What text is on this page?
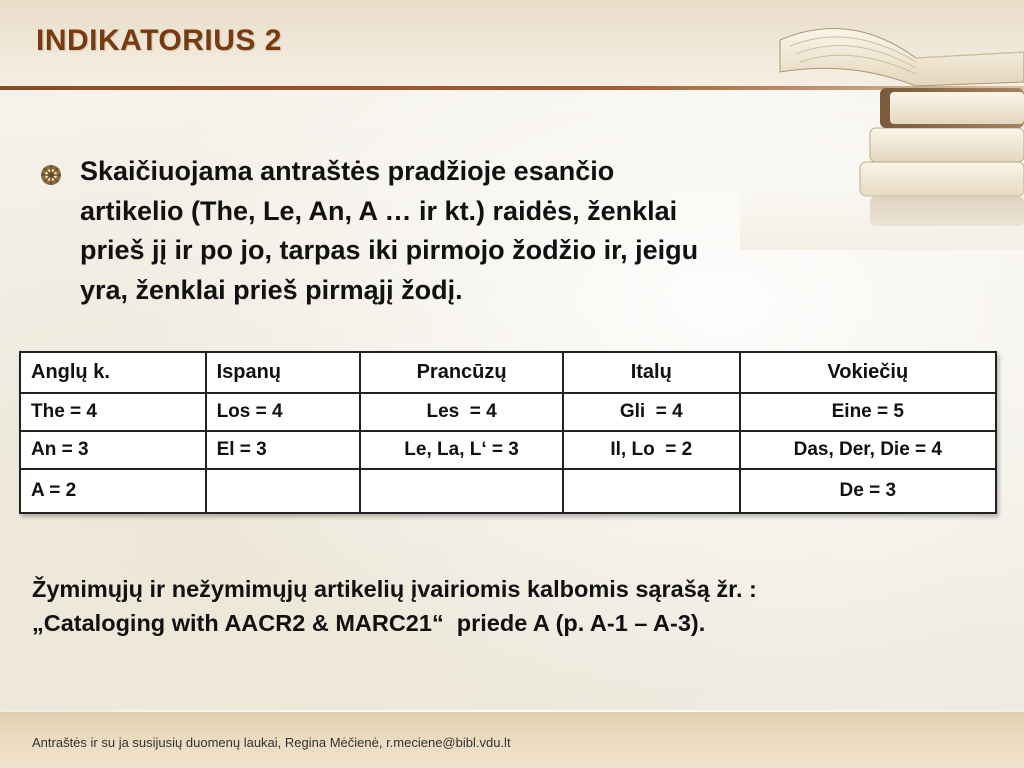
INDIKATORIUS 2
Skaičiuojama antraštės pradžioje esančio
artikelio (The, Le, An, A … ir kt.) raidės, ženklai
prieš jį ir po jo, tarpas iki pirmojo žodžio ir, jeigu
yra, ženklai prieš pirmąjį žodį.
Anglų k.	Ispanų	Prancūzų	Italų	Vokiečių
The = 4	Los = 4	Les  = 4	Gli  = 4	Eine = 5
An = 3	El = 3	Le, La, L‘ = 3	Il, Lo  = 2	Das, Der, Die = 4
A = 2				De = 3
Žymimųjų ir nežymimųjų artikelių įvairiomis kalbomis sąrašą žr. :
„Cataloging with AACR2 & MARC21“  priede A (p. A-1 – A-3).
Antraštės ir su ja susijusių duomenų laukai, Regina Mėčienė, r.meciene@bibl.vdu.lt
